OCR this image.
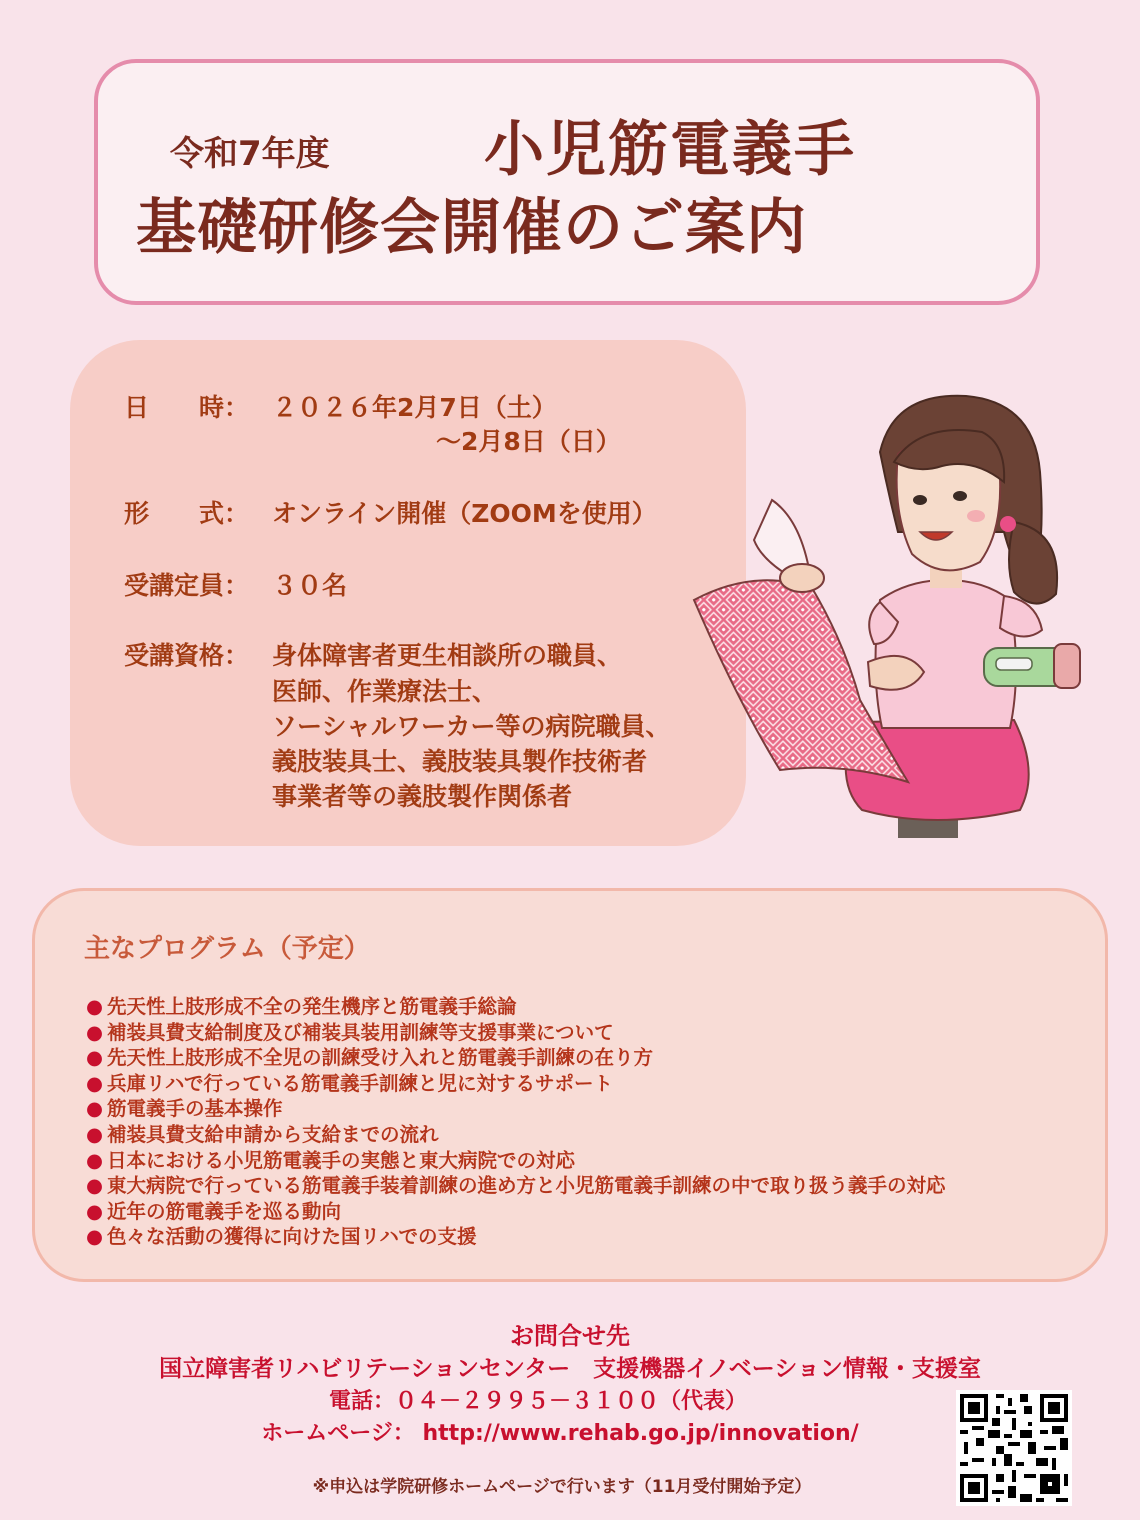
令和7年度	小児筋電義手
基礎研修会開催のご案内
日　　時： ２０２６年2月7日（土）
～2月8日（日）
形　　式： オンライン開催（ZOOMを使用）
受講定員： ３０名
受講資格： 身体障害者更生相談所の職員、
医師、作業療法士、
ソーシャルワーカー等の病院職員、
義肢装具士、義肢装具製作技術者
事業者等の義肢製作関係者
主なプログラム（予定）
● 先天性上肢形成不全の発生機序と筋電義手総論
● 補装具費支給制度及び補装具装用訓練等支援事業について
● 先天性上肢形成不全児の訓練受け入れと筋電義手訓練の在り方
● 兵庫リハで行っている筋電義手訓練と児に対するサポート
● 筋電義手の基本操作
● 補装具費支給申請から支給までの流れ
● 日本における小児筋電義手の実態と東大病院での対応
● 東大病院で行っている筋電義手装着訓練の進め方と小児筋電義手訓練の中で取り扱う義手の対応
● 近年の筋電義手を巡る動向
● 色々な活動の獲得に向けた国リハでの支援
お問合せ先
国立障害者リハビリテーションセンター　支援機器イノベーション情報・支援室
電話：０４－２９９５－３１００（代表）
ホームページ： http://www.rehab.go.jp/innovation/
※申込は学院研修ホームページで行います（11月受付開始予定）
